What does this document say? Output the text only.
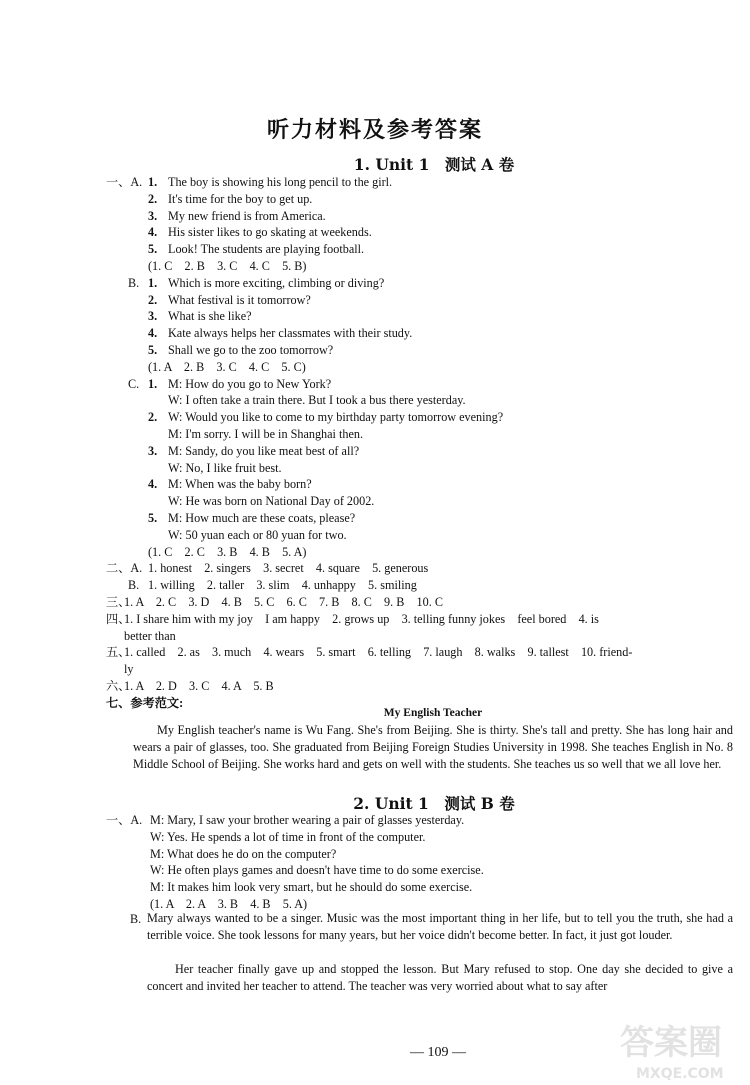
听力材料及参考答案
1. Unit 1　测试 A 卷
My English Teacher
My English teacher's name is Wu Fang. She's from Beijing. She is thirty. She's tall and pretty. She has long hair and wears a pair of glasses, too. She graduated from Beijing Foreign Studies University in 1998. She teaches English in No. 8 Middle School of Beijing. She works hard and gets on well with the students. She teaches us so well that we all love her.
2. Unit 1　测试 B 卷
Mary always wanted to be a singer. Music was the most important thing in her life, but to tell you the truth, she had a terrible voice. She took lessons for many years, but her voice didn't become better. In fact, it just got louder.
Her teacher finally gave up and stopped the lesson. But Mary refused to stop. One day she decided to give a concert and invited her teacher to attend. The teacher was very worried about what to say after
— 109 —	答案圈
MXQE.COM
一、A. 1. The boy is showing his long pencil to the girl.
2. It's time for the boy to get up.
3. My new friend is from America.
4. His sister likes to go skating at weekends.
5. Look! The students are playing football.
(1. C　2. B　3. C　4. C　5. B)
B. 1. Which is more exciting, climbing or diving?
2. What festival is it tomorrow?
3. What is she like?
4. Kate always helps her classmates with their study.
5. Shall we go to the zoo tomorrow?
(1. A　2. B　3. C　4. C　5. C)
C. 1. M: How do you go to New York?
W: I often take a train there. But I took a bus there yesterday.
2. W: Would you like to come to my birthday party tomorrow evening?
M: I'm sorry. I will be in Shanghai then.
3. M: Sandy, do you like meat best of all?
W: No, I like fruit best.
4. M: When was the baby born?
W: He was born on National Day of 2002.
5. M: How much are these coats, please?
W: 50 yuan each or 80 yuan for two.
(1. C　2. C　3. B　4. B　5. A)
二、A. 1. honest　2. singers　3. secret　4. square　5. generous
B. 1. willing　2. taller　3. slim　4. unhappy　5. smiling
三、
1. A　2. C　3. D　4. B　5. C　6. C　7. B　8. C　9. B　10. C
四、
1. I share him with my joy　I am happy　2. grows up　3. telling funny jokes　feel bored　4. is
better than
五、
1. called　2. as　3. much　4. wears　5. smart　6. telling　7. laugh　8. walks　9. tallest　10. friend-
ly
六、
1. A　2. D　3. C　4. A　5. B
七、参考范文:
一、A. M: Mary, I saw your brother wearing a pair of glasses yesterday.
W: Yes. He spends a lot of time in front of the computer.
M: What does he do on the computer?
W: He often plays games and doesn't have time to do some exercise.
M: It makes him look very smart, but he should do some exercise.
(1. A　2. A　3. B　4. B　5. A)
B.
